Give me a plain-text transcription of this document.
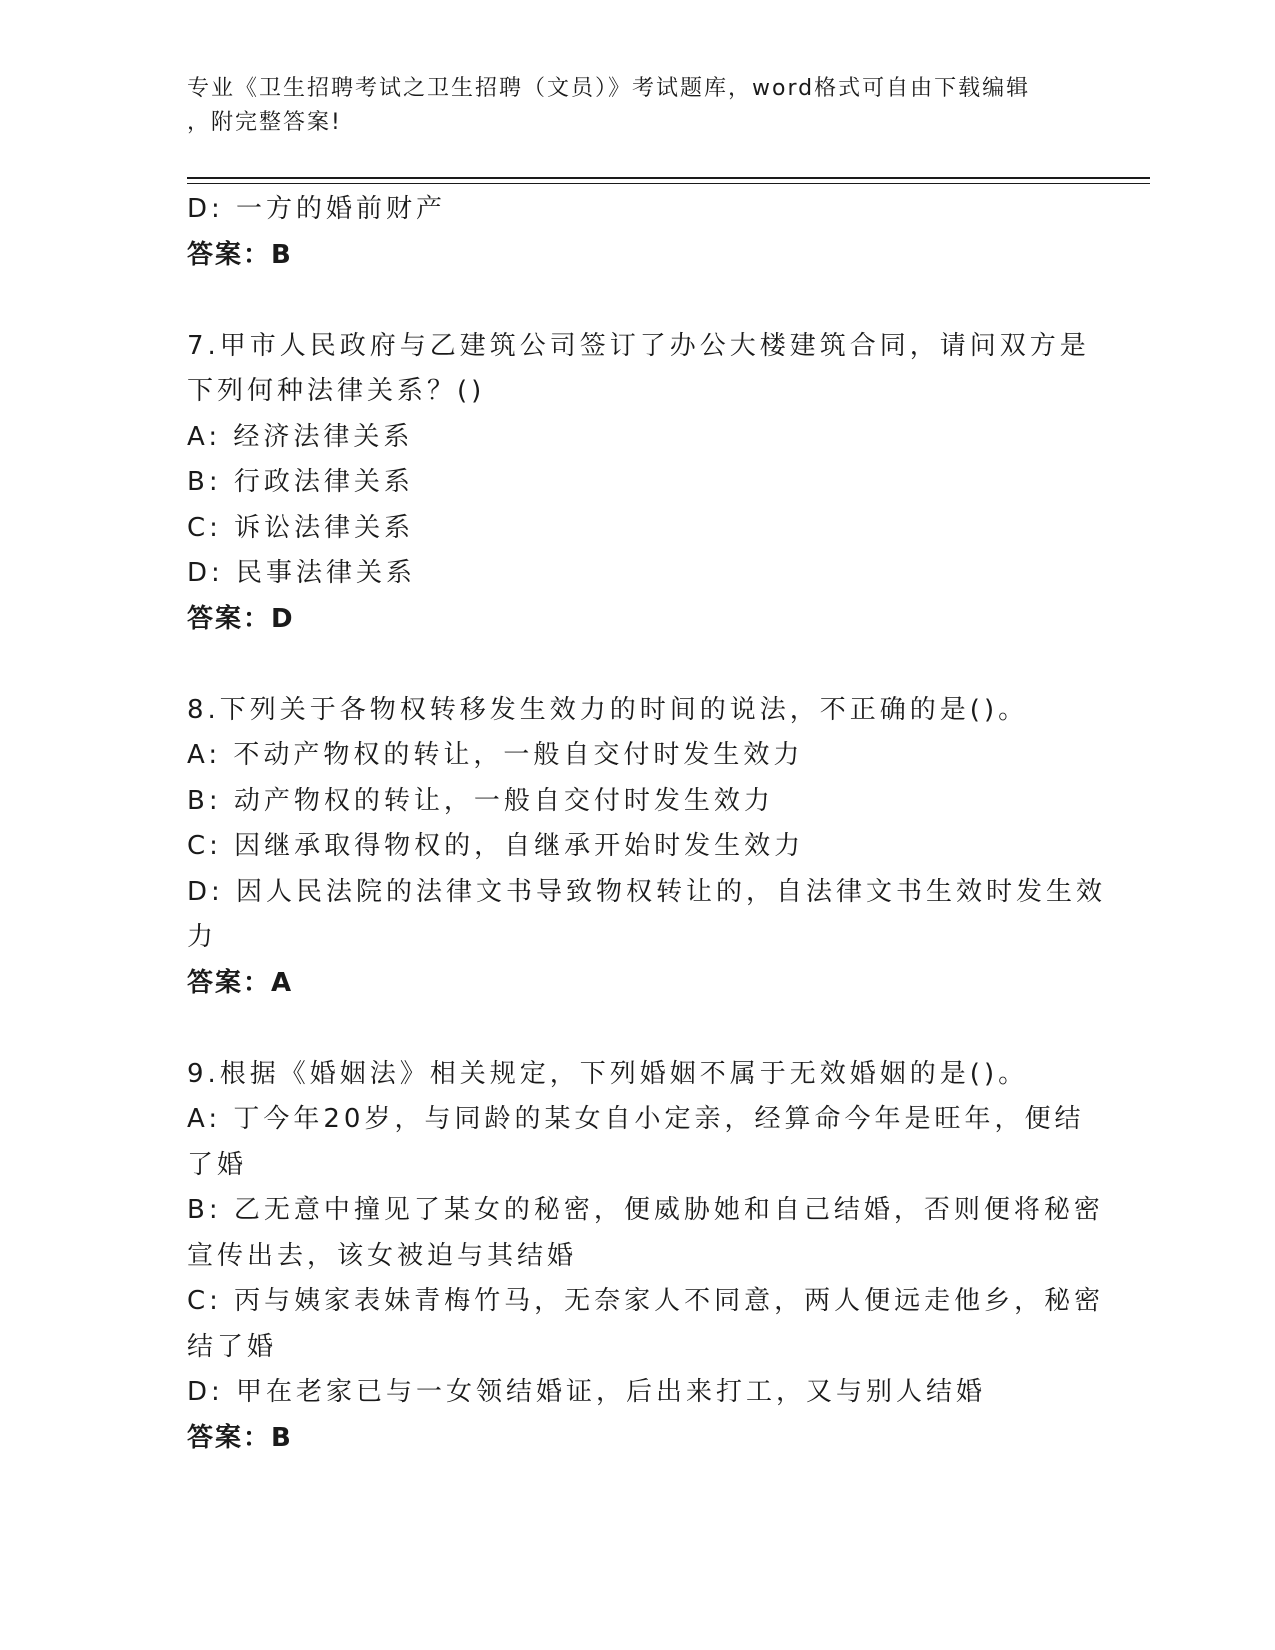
专业《卫生招聘考试之卫生招聘（文员）》考试题库，word格式可自由下载编辑
，附完整答案!
D: 一方的婚前财产
答案：B
7.甲市人民政府与乙建筑公司签订了办公大楼建筑合同，请问双方是
下列何种法律关系？()
A: 经济法律关系
B: 行政法律关系
C: 诉讼法律关系
D: 民事法律关系
答案：D
8.下列关于各物权转移发生效力的时间的说法，不正确的是()。
A: 不动产物权的转让，一般自交付时发生效力
B: 动产物权的转让，一般自交付时发生效力
C: 因继承取得物权的，自继承开始时发生效力
D: 因人民法院的法律文书导致物权转让的，自法律文书生效时发生效
力
答案：A
9.根据《婚姻法》相关规定，下列婚姻不属于无效婚姻的是()。
A: 丁今年20岁，与同龄的某女自小定亲，经算命今年是旺年，便结
了婚
B: 乙无意中撞见了某女的秘密，便威胁她和自己结婚，否则便将秘密
宣传出去，该女被迫与其结婚
C: 丙与姨家表妹青梅竹马，无奈家人不同意，两人便远走他乡，秘密
结了婚
D: 甲在老家已与一女领结婚证，后出来打工，又与别人结婚
答案：B
